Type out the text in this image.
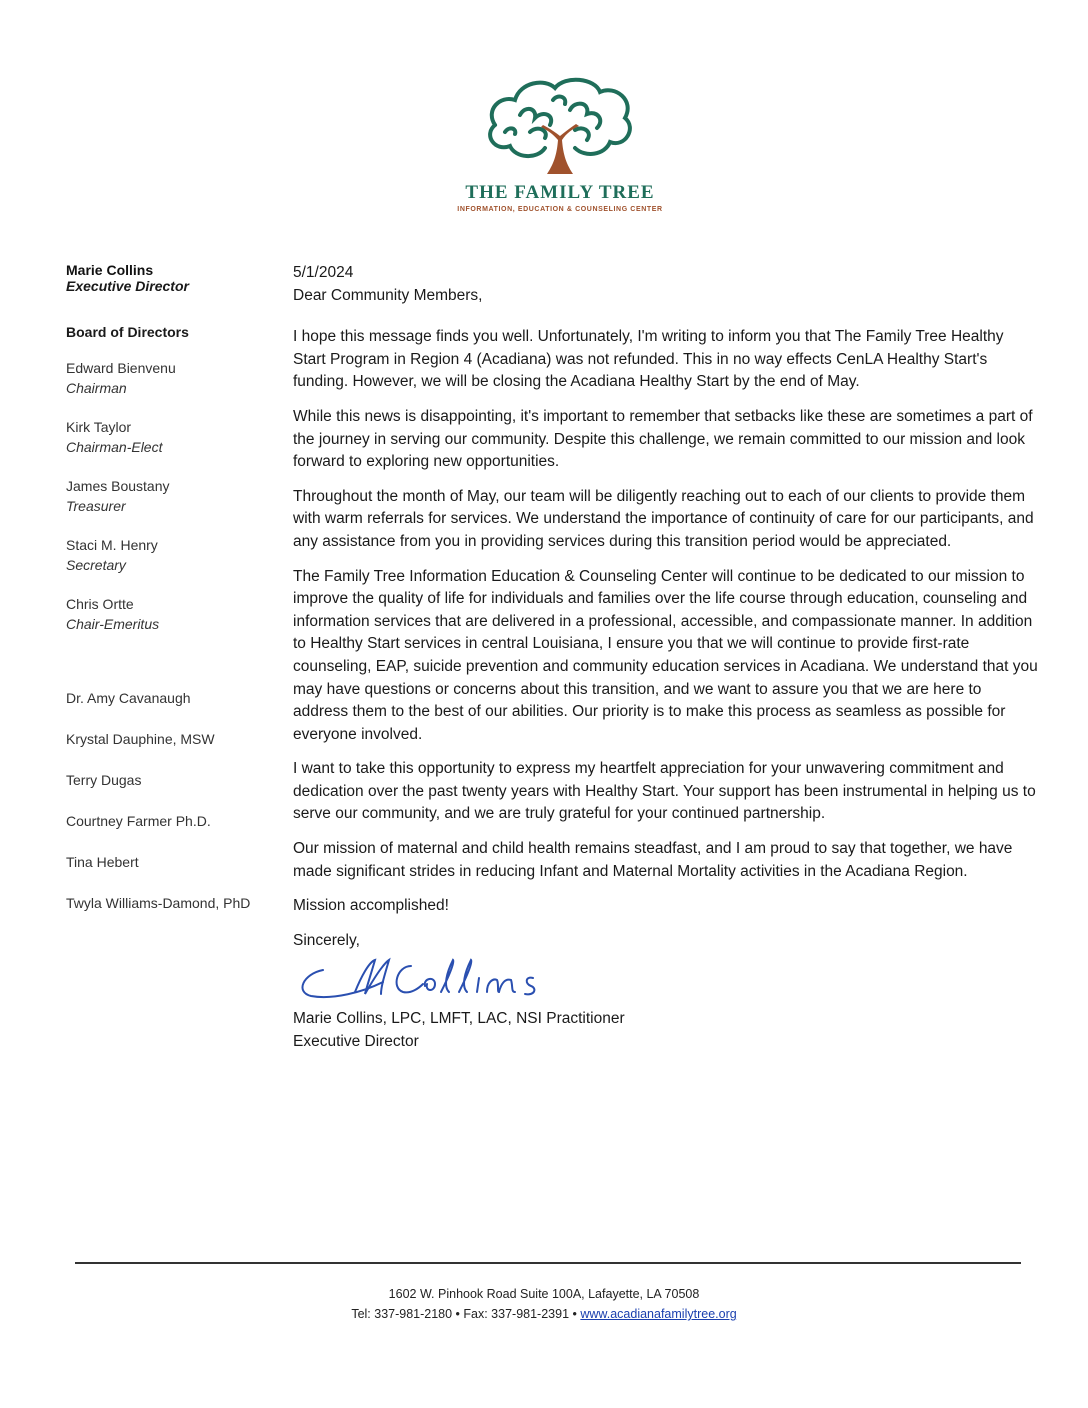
THE FAMILY TREE
INFORMATION, EDUCATION & COUNSELING CENTER
Marie Collins
Executive Director
Board of Directors
Edward Bienvenu
Chairman
Kirk Taylor
Chairman-Elect
James Boustany
Treasurer
Staci M. Henry
Secretary
Chris Ortte
Chair-Emeritus
Dr. Amy Cavanaugh
Krystal Dauphine, MSW
Terry Dugas
Courtney Farmer Ph.D.
Tina Hebert
Twyla Williams-Damond, PhD

5/1/2024

Dear Community Members,

I hope this message finds you well. Unfortunately, I'm writing to inform you that The Family Tree Healthy Start Program in Region 4 (Acadiana) was not refunded. This in no way effects CenLA Healthy Start's funding. However, we will be closing the Acadiana Healthy Start by the end of May.

While this news is disappointing, it's important to remember that setbacks like these are sometimes a part of the journey in serving our community. Despite this challenge, we remain committed to our mission and look forward to exploring new opportunities.

Throughout the month of May, our team will be diligently reaching out to each of our clients to provide them with warm referrals for services. We understand the importance of continuity of care for our participants, and any assistance from you in providing services during this transition period would be appreciated.

The Family Tree Information Education & Counseling Center will continue to be dedicated to our mission to improve the quality of life for individuals and families over the life course through education, counseling and information services that are delivered in a professional, accessible, and compassionate manner. In addition to Healthy Start services in central Louisiana, I ensure you that we will continue to provide first-rate counseling, EAP, suicide prevention and community education services in Acadiana. We understand that you may have questions or concerns about this transition, and we want to assure you that we are here to address them to the best of our abilities. Our priority is to make this process as seamless as possible for everyone involved.

I want to take this opportunity to express my heartfelt appreciation for your unwavering commitment and dedication over the past twenty years with Healthy Start. Your support has been instrumental in helping us to serve our community, and we are truly grateful for your continued partnership.

Our mission of maternal and child health remains steadfast, and I am proud to say that together, we have made significant strides in reducing Infant and Maternal Mortality activities in the Acadiana Region.

Mission accomplished!

Sincerely,
Marie Collins, LPC, LMFT, LAC, NSI Practitioner
Executive Director
1602 W. Pinhook Road Suite 100A, Lafayette, LA 70508
Tel: 337-981-2180 • Fax: 337-981-2391 • www.acadianafamilytree.org
